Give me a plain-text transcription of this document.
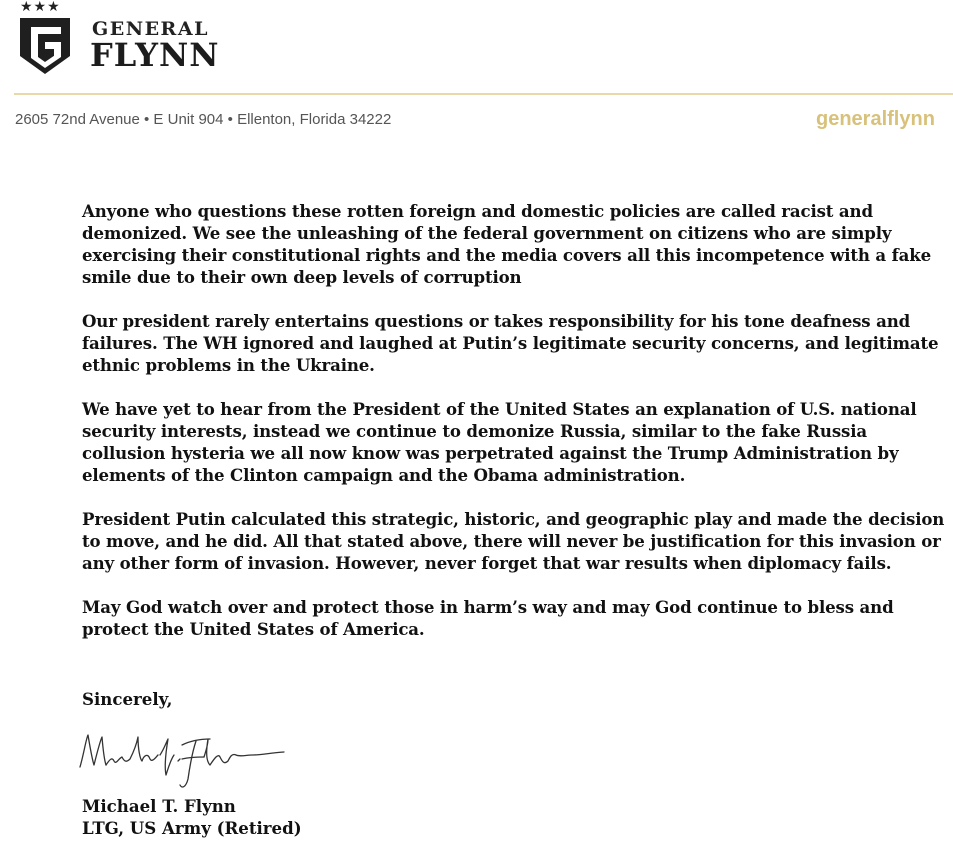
★★★
GENERAL
FLYNN
2605 72nd Avenue • E Unit 904 • Ellenton, Florida 34222	generalflynn

Anyone who questions these rotten foreign and domestic policies are called racist and demonized. We see the unleashing of the federal government on citizens who are simply exercising their constitutional rights and the media covers all this incompetence with a fake smile due to their own deep levels of corruption

Our president rarely entertains questions or takes responsibility for his tone deafness and failures. The WH ignored and laughed at Putin’s legitimate security concerns, and legitimate ethnic problems in the Ukraine.

We have yet to hear from the President of the United States an explanation of U.S. national security interests, instead we continue to demonize Russia, similar to the fake Russia collusion hysteria we all now know was perpetrated against the Trump Administration by elements of the Clinton campaign and the Obama administration.

President Putin calculated this strategic, historic, and geographic play and made the decision to move, and he did. All that stated above, there will never be justification for this invasion or any other form of invasion. However, never forget that war results when diplomacy fails.

May God watch over and protect those in harm’s way and may God continue to bless and protect the United States of America.

Sincerely,
Michael T. Flynn
LTG, US Army (Retired)
